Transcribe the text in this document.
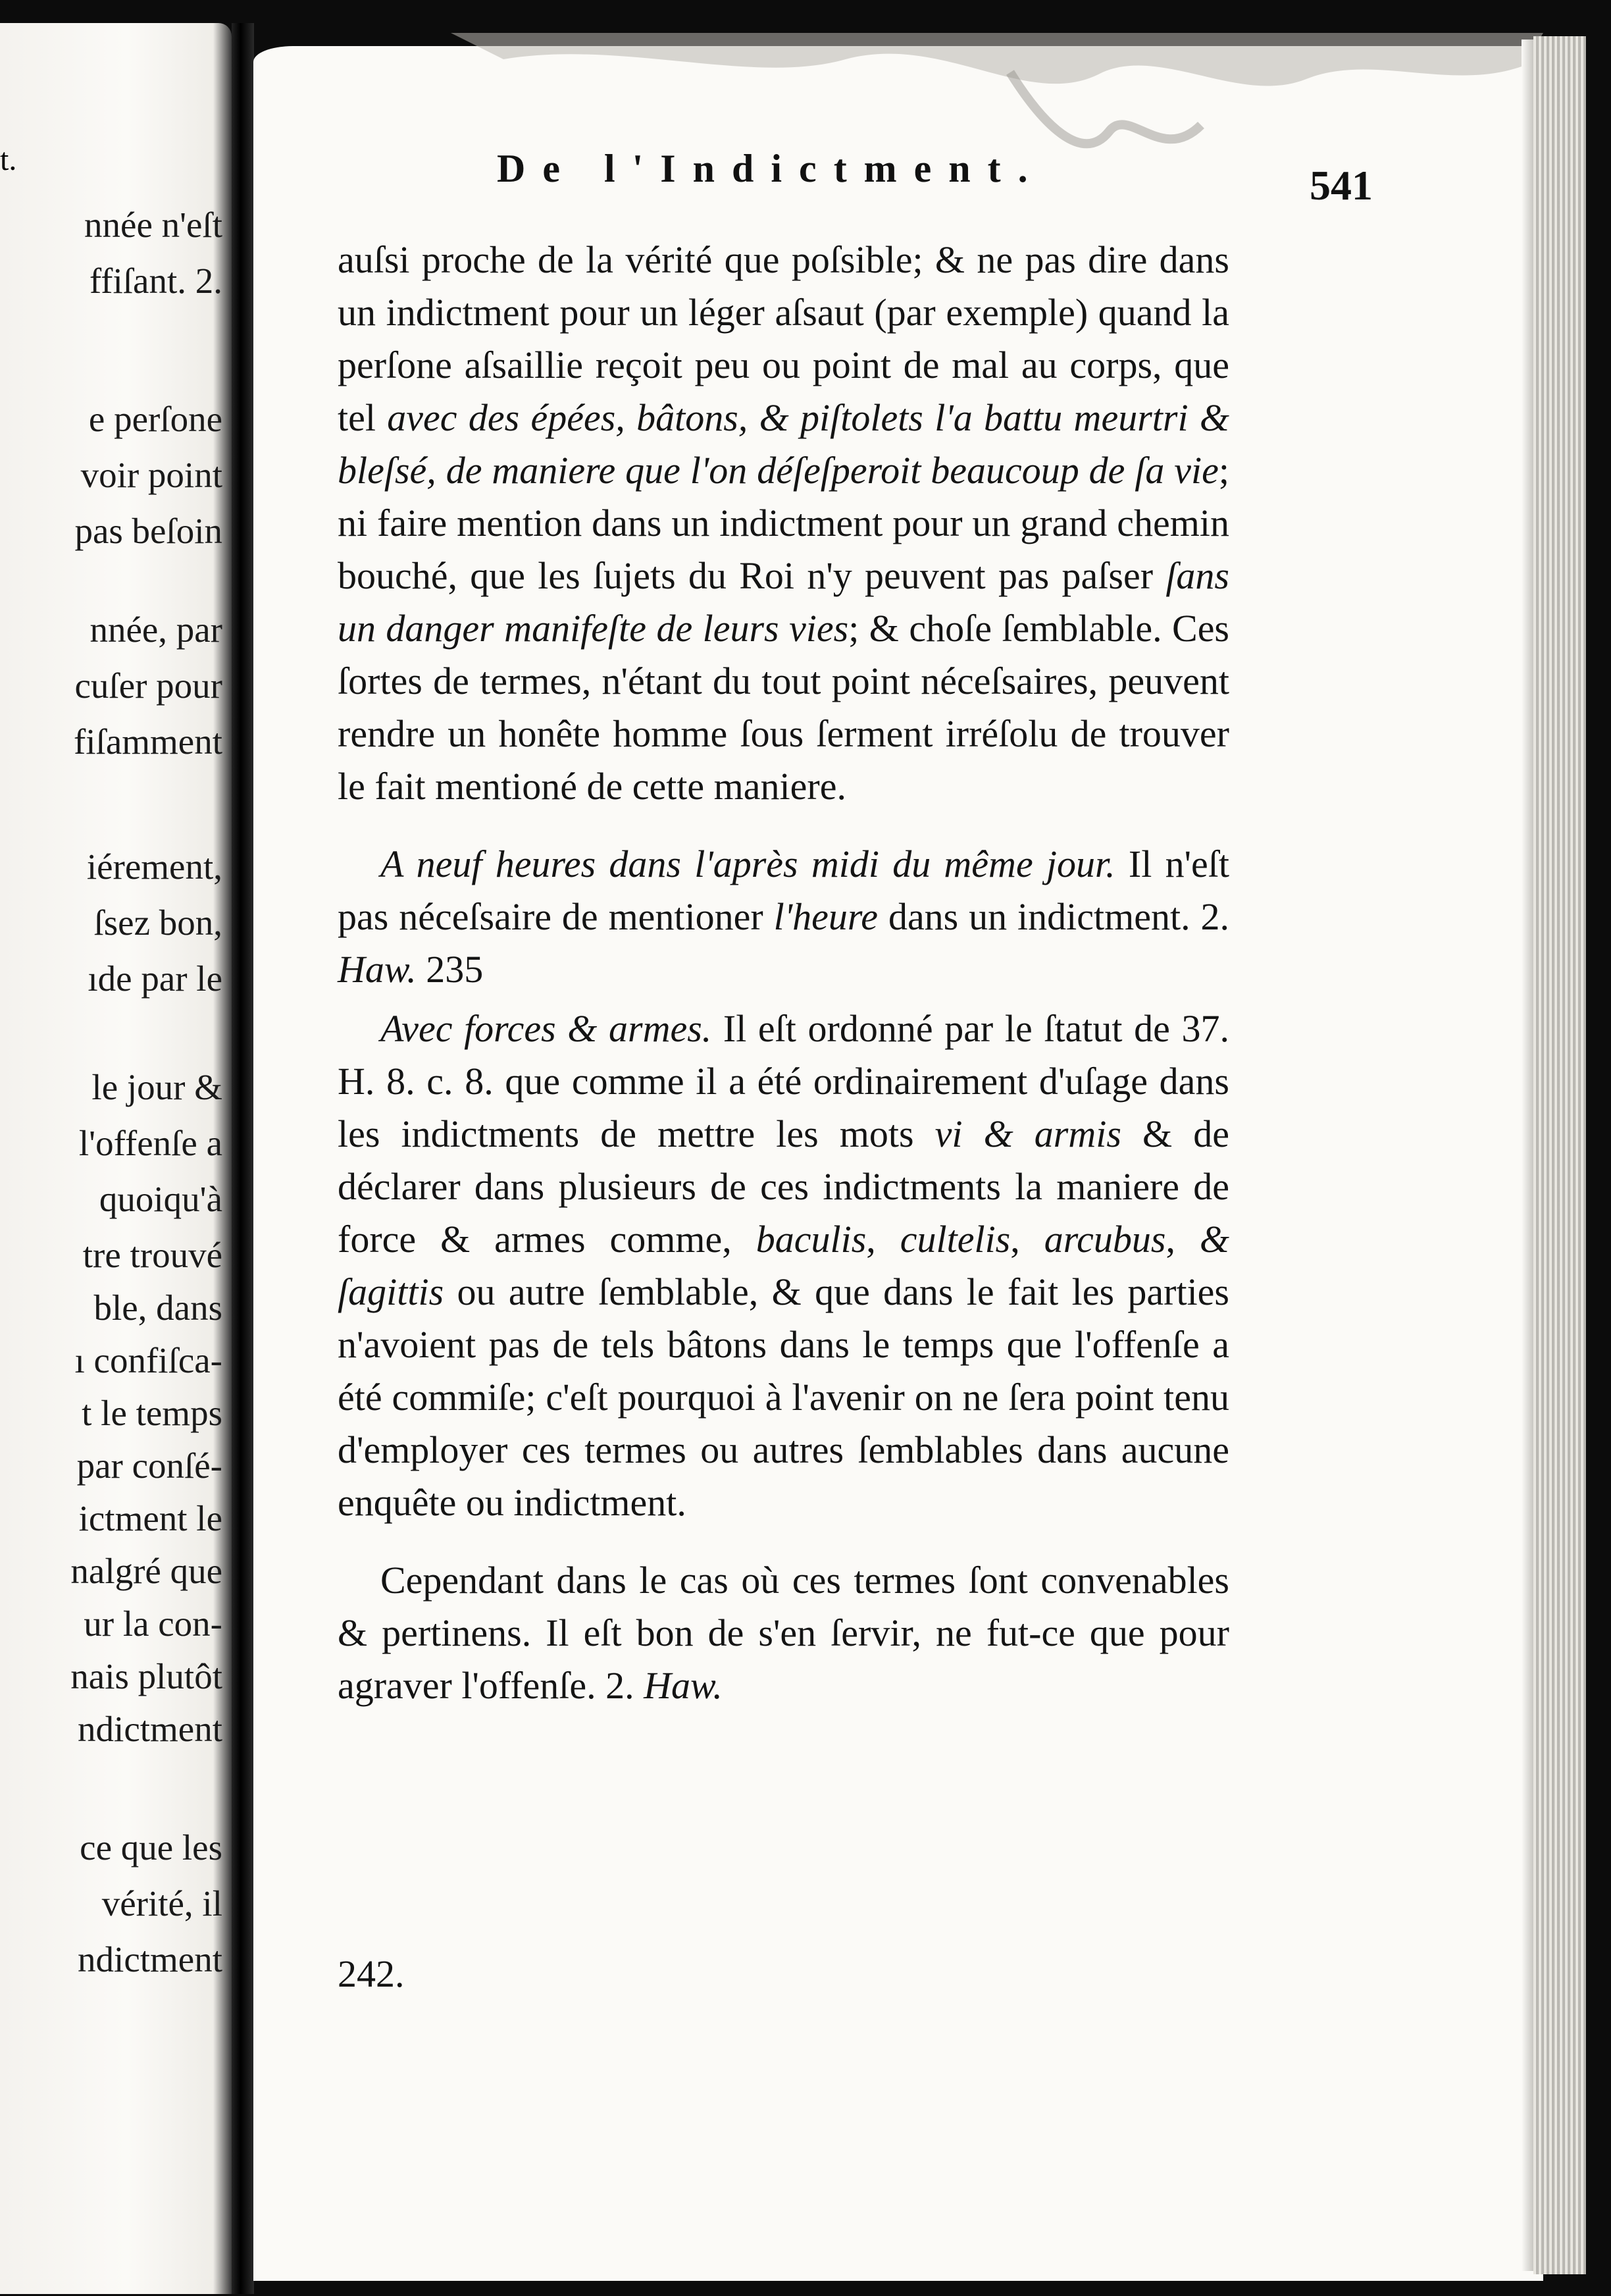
t.
nnée n'eſt
ffiſant. 2.
e perſone
voir point
pas beſoin
nnée, par
cuſer pour
fiſamment
iérement,
ſsez bon,
ıde par le
le jour &
l'offenſe a
quoiqu'à
tre trouvé
ble, dans
ı confiſca-
t le temps
par conſé-
ictment le
nalgré que
ur la con-
nais plutôt
ndictment
ce que les
vérité, il
ndictment
De l'Indictment.	541

auſsi proche de la vérité que poſsible; & ne pas dire dans un indictment pour un léger aſsaut (par exemple) quand la perſone aſsaillie reçoit peu ou point de mal au corps, que tel avec des épées, bâtons, & piſtolets l'a battu meurtri & bleſsé, de maniere que l'on déſeſperoit beaucoup de ſa vie; ni faire mention dans un indictment pour un grand chemin bouché, que les ſujets du Roi n'y peuvent pas paſser ſans un danger manifeſte de leurs vies; & choſe ſemblable. Ces ſortes de termes, n'étant du tout point néceſsaires, peuvent rendre un honête homme ſous ſerment irréſolu de trouver le fait mentioné de cette maniere.

A neuf heures dans l'après midi du même jour. Il n'eſt pas néceſsaire de mentioner l'heure dans un indictment. 2. Haw. 235

Avec forces & armes. Il eſt ordonné par le ſtatut de 37. H. 8. c. 8. que comme il a été ordinairement d'uſage dans les indictments de mettre les mots vi & armis & de déclarer dans plusieurs de ces indictments la maniere de force & armes comme, baculis, cultelis, arcubus, & ſagittis ou autre ſemblable, & que dans le fait les parties n'avoient pas de tels bâtons dans le temps que l'offenſe a été commiſe; c'eſt pourquoi à l'avenir on ne ſera point tenu d'employer ces termes ou autres ſemblables dans aucune enquête ou indictment.

Cependant dans le cas où ces termes ſont convenables & pertinens. Il eſt bon de s'en ſervir, ne fut-ce que pour agraver l'offenſe. 2. Haw.

242.
